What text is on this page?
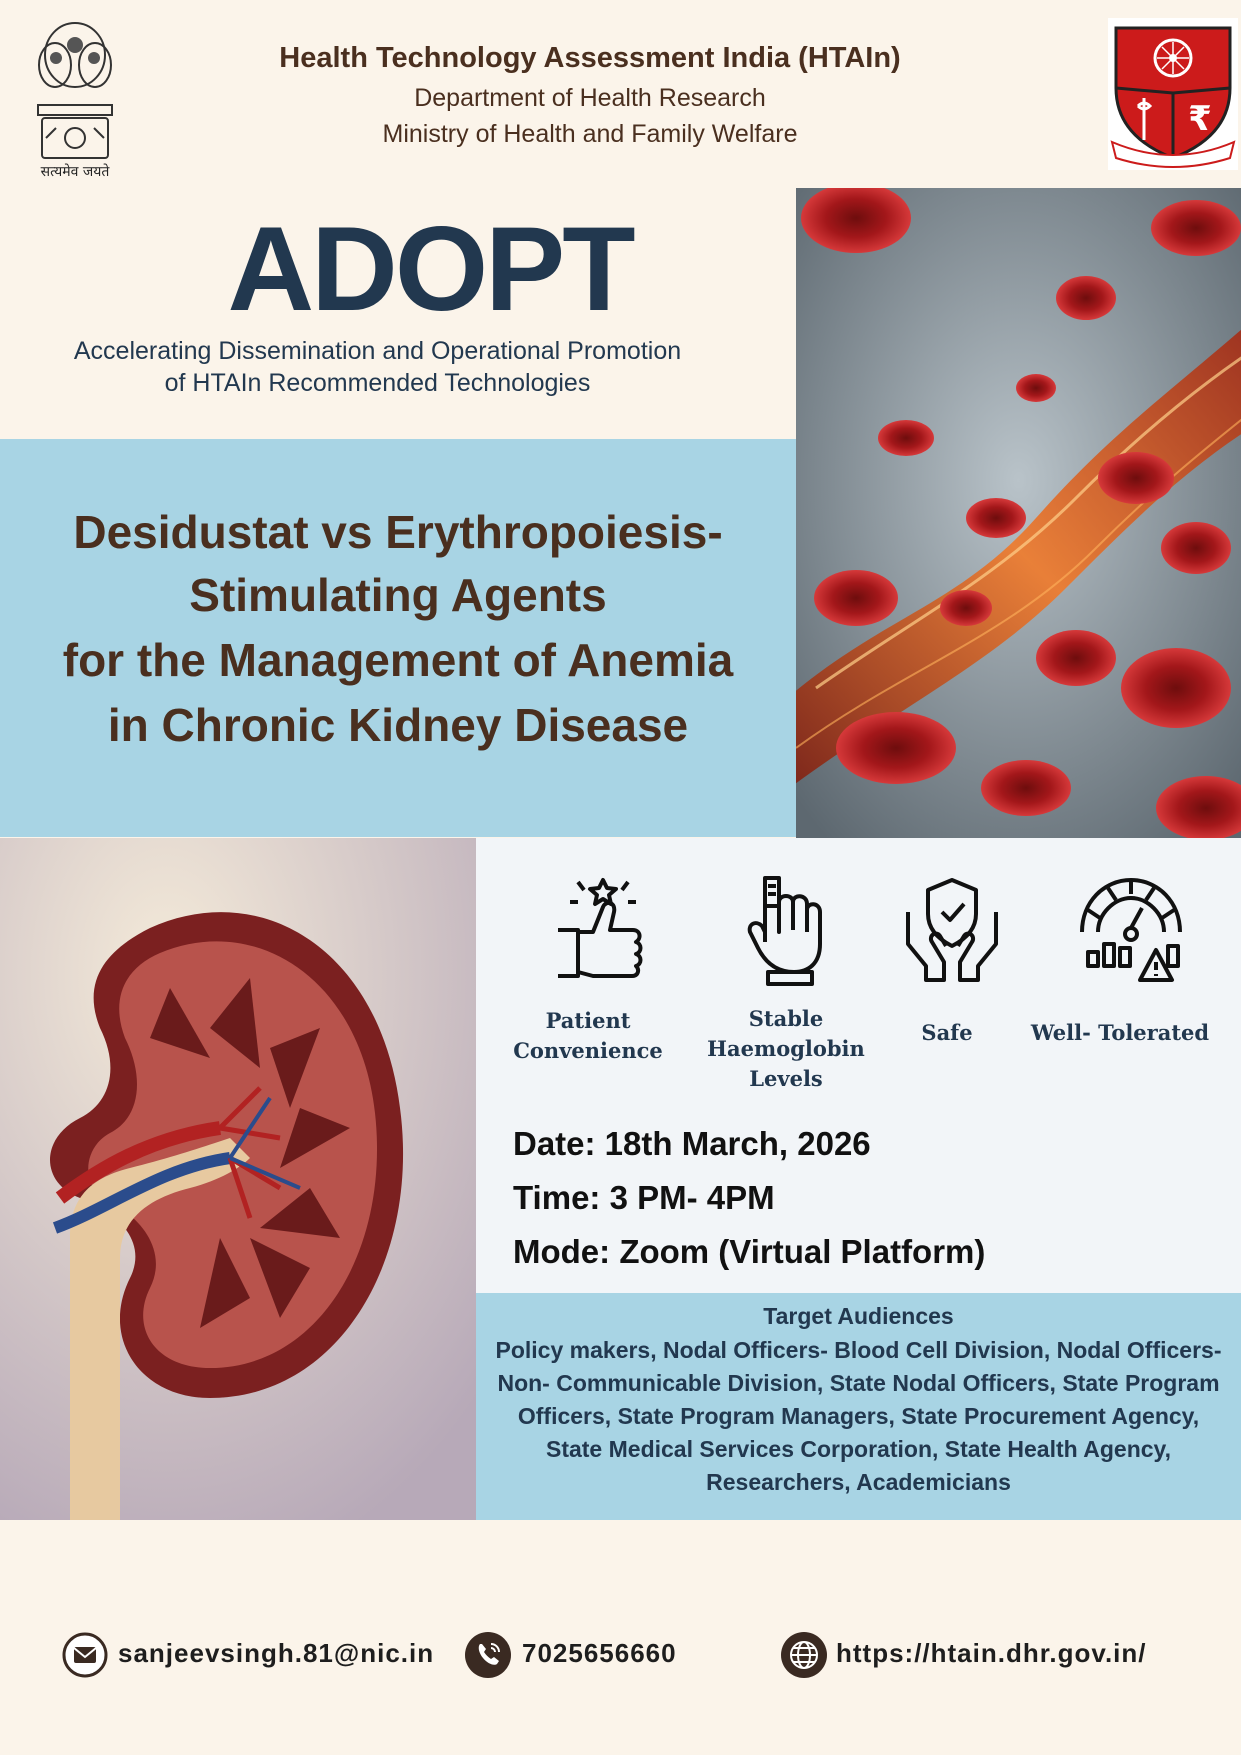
सत्यमेव जयते
Health Technology Assessment India (HTAIn)
Department of Health Research
Ministry of Health and Family Welfare	₹
ADOPT
Accelerating Dissemination and Operational Promotion
of HTAIn Recommended Technologies
Desidustat vs Erythropoiesis-
Stimulating Agents
for the Management of Anemia
in Chronic Kidney Disease
Patient
Convenience
Stable
Haemoglobin
Levels
Safe	Well- Tolerated
Date: 18th March, 2026
Time: 3 PM- 4PM
Mode: Zoom (Virtual Platform)
Target Audiences
Policy makers, Nodal Officers- Blood Cell Division, Nodal Officers- Non- Communicable Division, State Nodal Officers, State Program Officers, State Program Managers, State Procurement Agency, State Medical Services Corporation, State Health Agency, Researchers, Academicians
sanjeevsingh.81@nic.in	7025656660	https://htain.dhr.gov.in/
